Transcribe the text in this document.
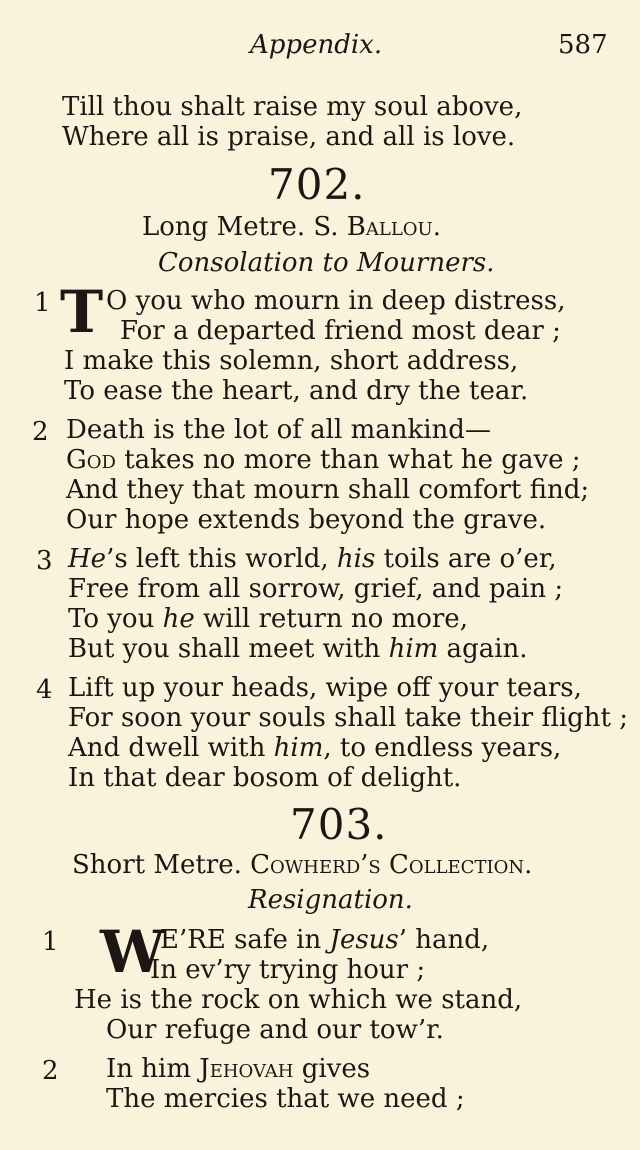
Appendix.	587
Till thou shalt raise my soul above,
Where all is praise, and all is love.
702.
Long Metre. S. Ballou.
Consolation to Mourners.
1 T O you who mourn in deep distress,
For a departed friend most dear ;
I make this solemn, short address,
To ease the heart, and dry the tear.
2 Death is the lot of all mankind—
God takes no more than what he gave ;
And they that mourn shall comfort find;
Our hope extends beyond the grave.
3 He’s left this world, his toils are o’er,
Free from all sorrow, grief, and pain ;
To you he will return no more,
But you shall meet with him again.
4 Lift up your heads, wipe off your tears,
For soon your souls shall take their flight ;
And dwell with him, to endless years,
In that dear bosom of delight.
703.
Short Metre. Cowherd’s Collection.
Resignation.
1 W
E’RE safe in Jesus’ hand,
In ev’ry trying hour ;
He is the rock on which we stand,
Our refuge and our tow’r.
2 In him Jehovah gives
The mercies that we need ;
